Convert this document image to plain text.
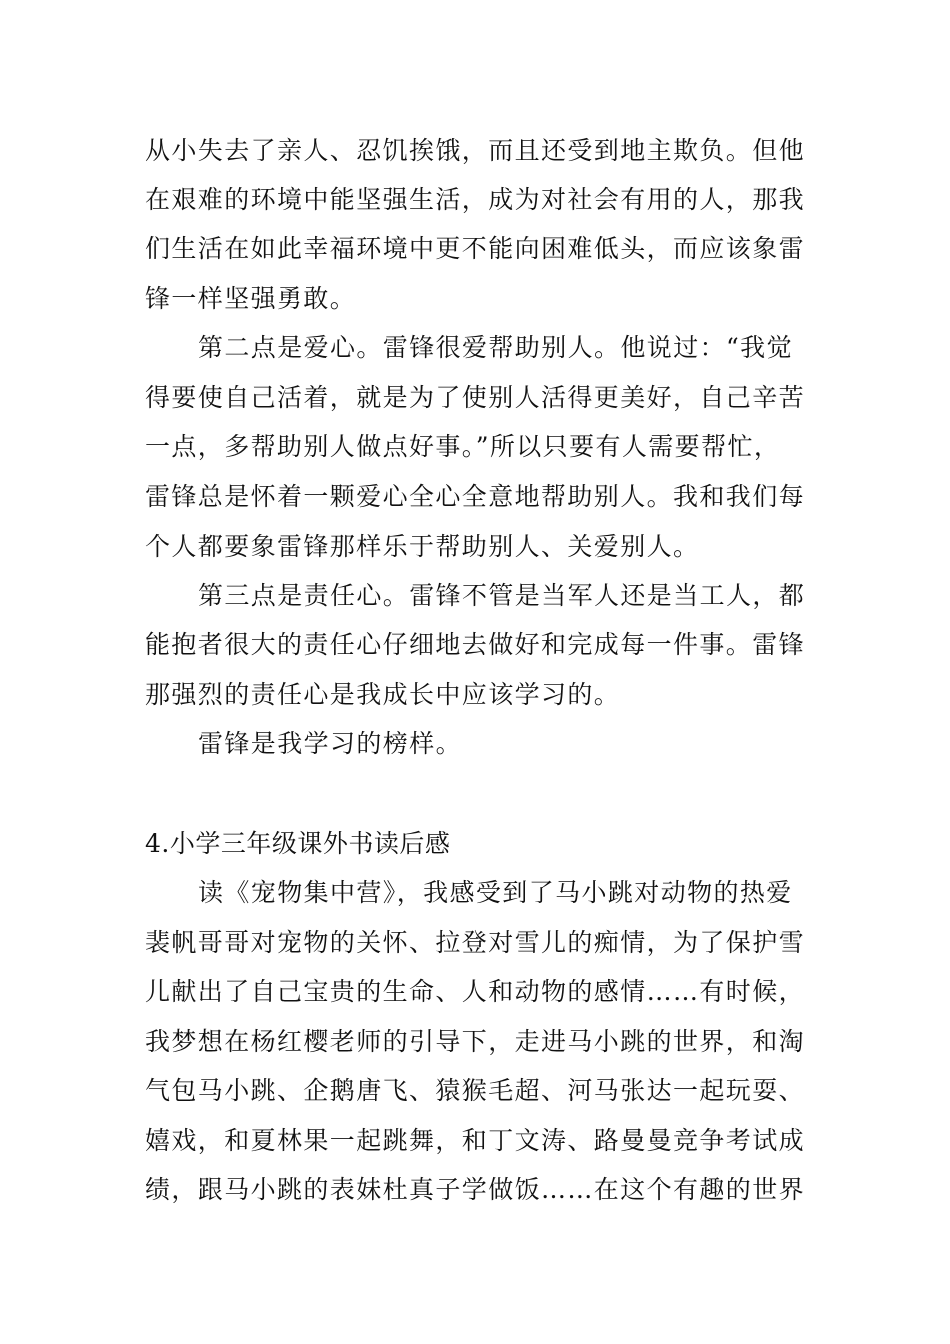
从小失去了亲人、忍饥挨饿，而且还受到地主欺负。但他
在艰难的环境中能坚强生活，成为对社会有用的人，那我
们生活在如此幸福环境中更不能向困难低头，而应该象雷
锋一样坚强勇敢。
第二点是爱心。雷锋很爱帮助别人。他说过：“我觉
得要使自己活着，就是为了使别人活得更美好，自己辛苦
一点，多帮助别人做点好事。”所以只要有人需要帮忙，
雷锋总是怀着一颗爱心全心全意地帮助别人。我和我们每
个人都要象雷锋那样乐于帮助别人、关爱别人。
第三点是责任心。雷锋不管是当军人还是当工人，都
能抱者很大的责任心仔细地去做好和完成每一件事。雷锋
那强烈的责任心是我成长中应该学习的。
雷锋是我学习的榜样。
4.小学三年级课外书读后感
读《宠物集中营》，我感受到了马小跳对动物的热爱
裴帆哥哥对宠物的关怀、拉登对雪儿的痴情，为了保护雪
儿献出了自己宝贵的生命、人和动物的感情……有时候，
我梦想在杨红樱老师的引导下，走进马小跳的世界，和淘
气包马小跳、企鹅唐飞、猿猴毛超、河马张达一起玩耍、
嬉戏，和夏林果一起跳舞，和丁文涛、路曼曼竞争考试成
绩，跟马小跳的表妹杜真子学做饭……在这个有趣的世界
